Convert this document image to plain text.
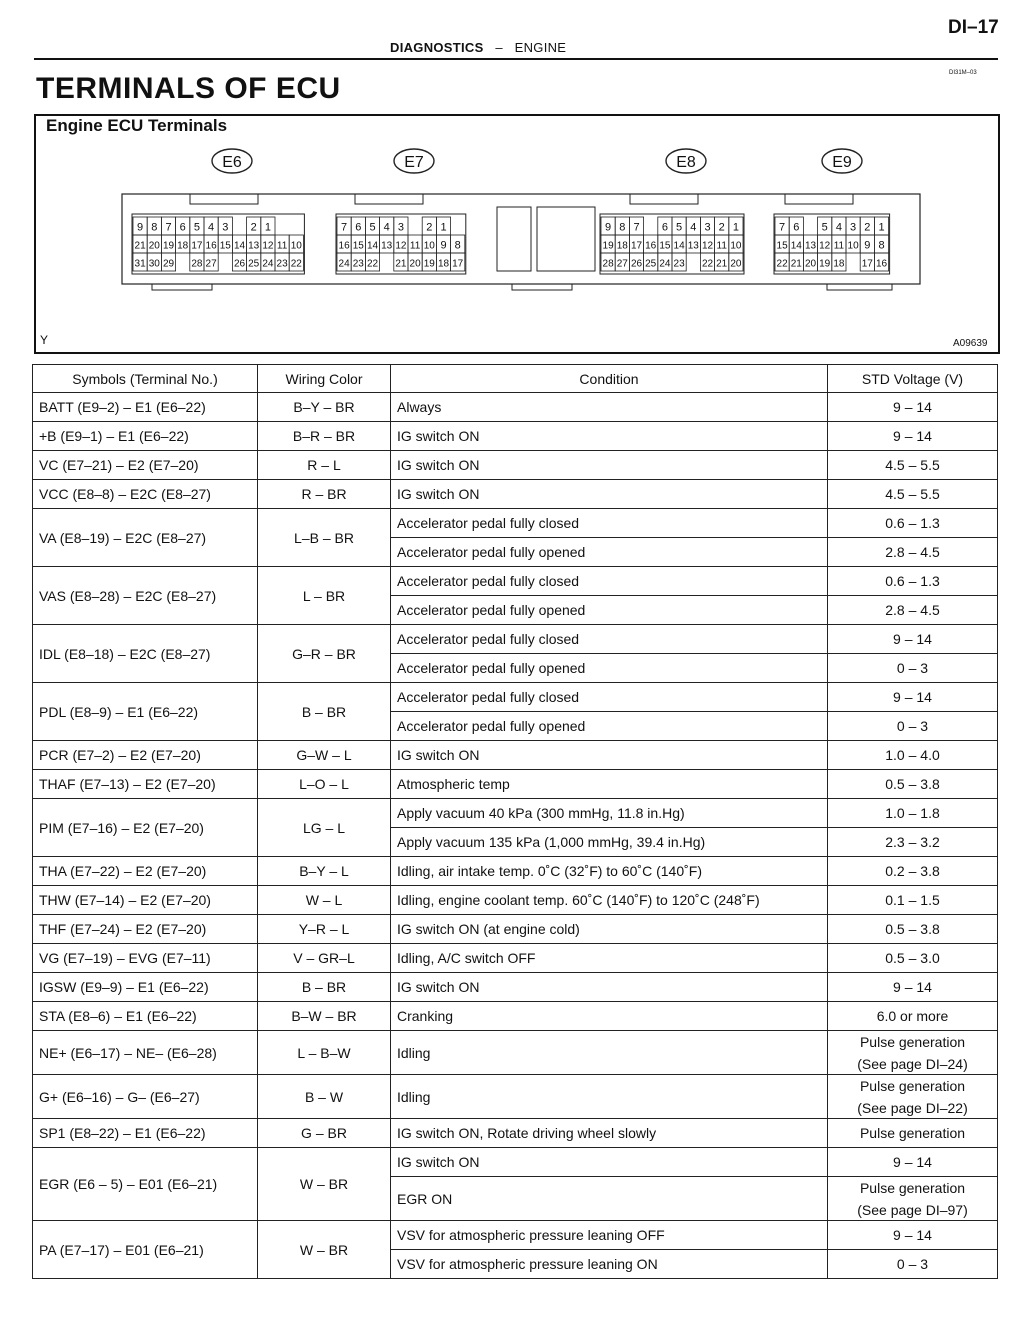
DI–17
DIAGNOSTICS – ENGINE
DI31M–03
TERMINALS OF ECU
Engine ECU Terminals
E6
9 8 7 6 5 4 3 2 1
21 20 19 18 17 16 15 14 13 12 11 10
31 30 29 28 27 26 25 24 23 22
E7
7 6 5 4 3 2 1
16 15 14 13 12 11 10 9 8
24 23 22 21 20 19 18 17
E8
9 8 7 6 5 4 3 2 1
19 18 17 16 15 14 13 12 11 10
28 27 26 25 24 23 22 21 20
E9
7 6 5 4 3 2 1
15 14 13 12 11 10 9 8
22 21 20 19 18 17 16
Y	A09639
Symbols (Terminal No.)	Wiring Color	Condition	STD Voltage (V)
BATT (E9–2) – E1 (E6–22)	B–Y – BR	Always	9 – 14

+B (E9–1) – E1 (E6–22)	B–R – BR	IG switch ON	9 – 14

VC (E7–21) – E2 (E7–20)	R – L	IG switch ON	4.5 – 5.5

VCC (E8–8) – E2C (E8–27)	R – BR	IG switch ON	4.5 – 5.5

VA (E8–19) – E2C (E8–27)	L–B – BR	Accelerator pedal fully closed	0.6 – 1.3

		Accelerator pedal fully opened	2.8 – 4.5

VAS (E8–28) – E2C (E8–27)	L – BR	Accelerator pedal fully closed	0.6 – 1.3

		Accelerator pedal fully opened	2.8 – 4.5

IDL (E8–18) – E2C (E8–27)	G–R – BR	Accelerator pedal fully closed	9 – 14

		Accelerator pedal fully opened	0 – 3

PDL (E8–9) – E1 (E6–22)	B – BR	Accelerator pedal fully closed	9 – 14

		Accelerator pedal fully opened	0 – 3

PCR (E7–2) – E2 (E7–20)	G–W – L	IG switch ON	1.0 – 4.0

THAF (E7–13) – E2 (E7–20)	L–O – L	Atmospheric temp	0.5 – 3.8

PIM (E7–16) – E2 (E7–20)	LG – L	Apply vacuum 40 kPa (300 mmHg, 11.8 in.Hg)	1.0 – 1.8

		Apply vacuum 135 kPa (1,000 mmHg, 39.4 in.Hg)	2.3 – 3.2

THA (E7–22) – E2 (E7–20)	B–Y – L	Idling, air intake temp. 0˚C (32˚F) to 60˚C (140˚F)	0.2 – 3.8

THW (E7–14) – E2 (E7–20)	W – L	Idling, engine coolant temp. 60˚C (140˚F) to 120˚C (248˚F)	0.1 – 1.5

THF (E7–24) – E2 (E7–20)	Y–R – L	IG switch ON (at engine cold)	0.5 – 3.8

VG (E7–19) – EVG (E7–11)	V – GR–L	Idling, A/C switch OFF	0.5 – 3.0

IGSW (E9–9) – E1 (E6–22)	B – BR	IG switch ON	9 – 14

STA (E8–6) – E1 (E6–22)	B–W – BR	Cranking	6.0 or more

NE+ (E6–17) – NE– (E6–28)	L – B–W	Idling	Pulse generation
(See page DI–24)

G+ (E6–16) – G– (E6–27)	B – W	Idling	Pulse generation
(See page DI–22)

SP1 (E8–22) – E1 (E6–22)	G – BR	IG switch ON, Rotate driving wheel slowly	Pulse generation

EGR (E6 – 5) – E01 (E6–21)	W – BR	IG switch ON	9 – 14

		EGR ON	Pulse generation
(See page DI–97)

PA (E7–17) – E01 (E6–21)	W – BR	VSV for atmospheric pressure leaning OFF	9 – 14

		VSV for atmospheric pressure leaning ON	0 – 3
